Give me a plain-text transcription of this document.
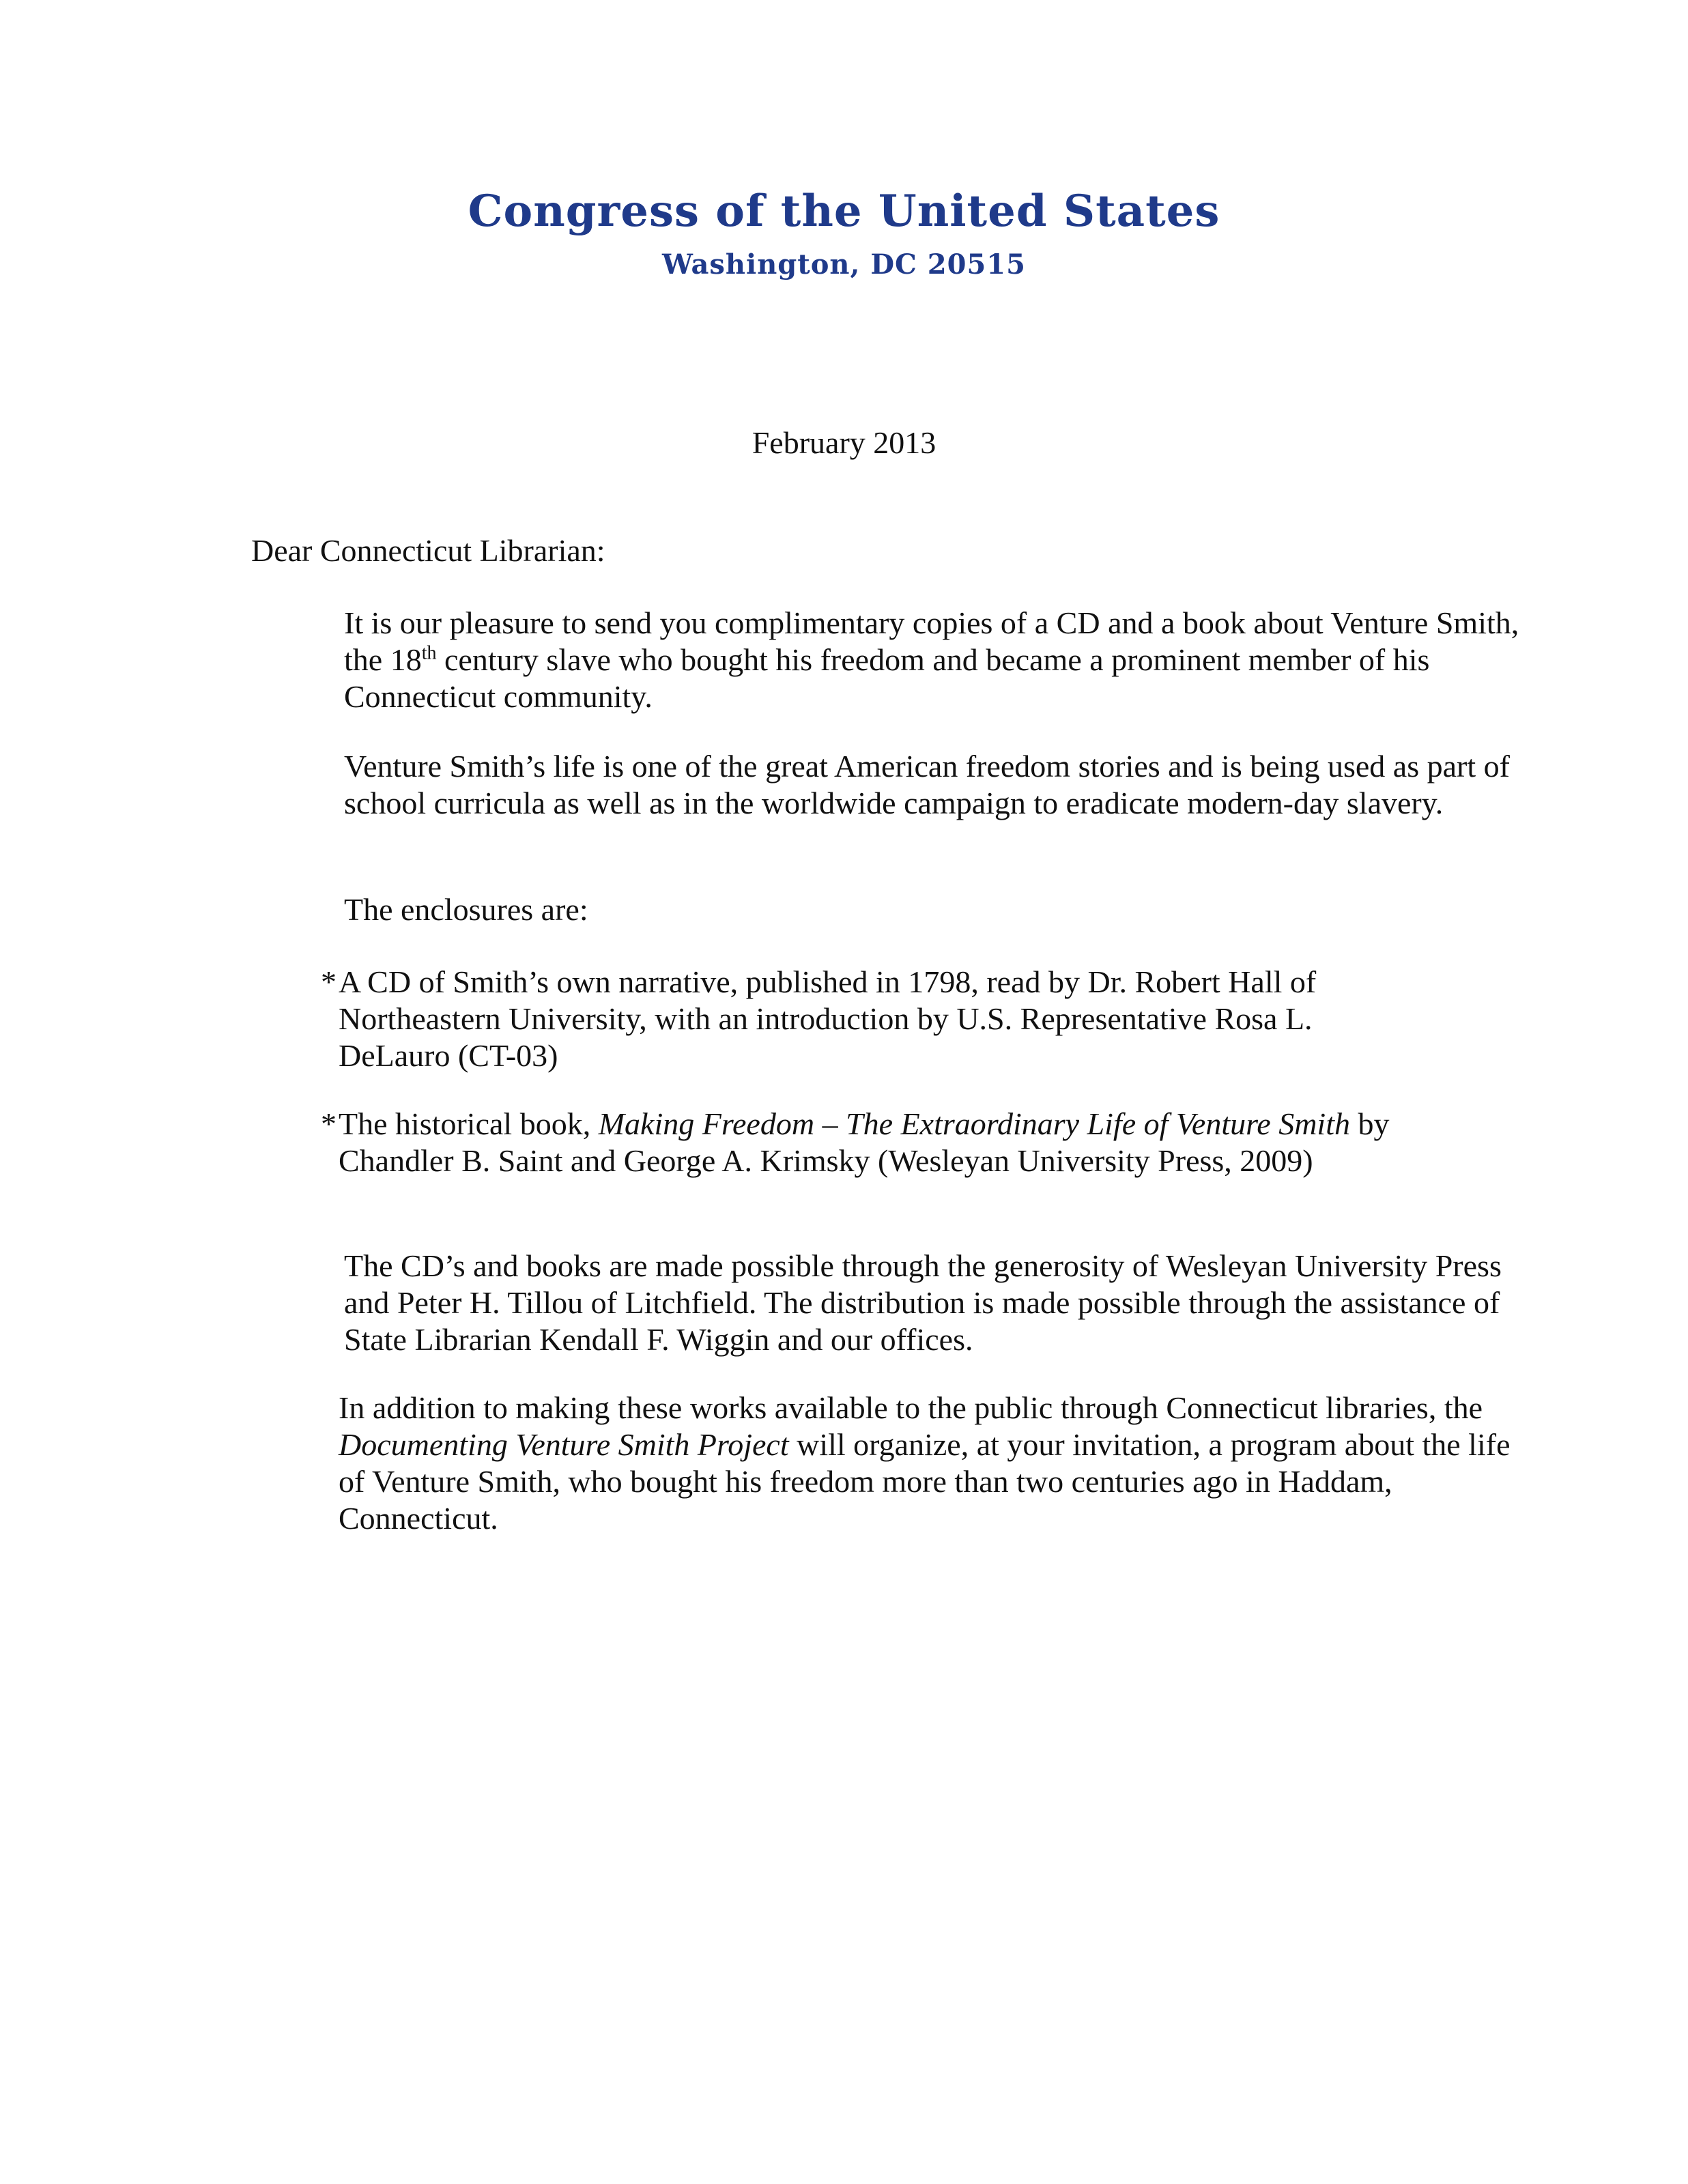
Congress of the United States
Washington, DC 20515
February 2013
Dear Connecticut Librarian:
It is our pleasure to send you complimentary copies of a CD and a book about Venture Smith, the 18th century slave who bought his freedom and became a prominent member of his Connecticut community.
Venture Smith’s life is one of the great American freedom stories and is being used as part of school curricula as well as in the worldwide campaign to eradicate modern-day slavery.
The enclosures are:
*A CD of Smith’s own narrative, published in 1798, read by Dr. Robert Hall of Northeastern University, with an introduction by U.S. Representative Rosa L. DeLauro (CT-03)
*The historical book, Making Freedom – The Extraordinary Life of Venture Smith by Chandler B. Saint and George A. Krimsky (Wesleyan University Press, 2009)
The CD’s and books are made possible through the generosity of Wesleyan University Press and Peter H. Tillou of Litchfield. The distribution is made possible through the assistance of State Librarian Kendall F. Wiggin and our offices.
In addition to making these works available to the public through Connecticut libraries, the Documenting Venture Smith Project will organize, at your invitation, a program about the life of Venture Smith, who bought his freedom more than two centuries ago in Haddam, Connecticut.
